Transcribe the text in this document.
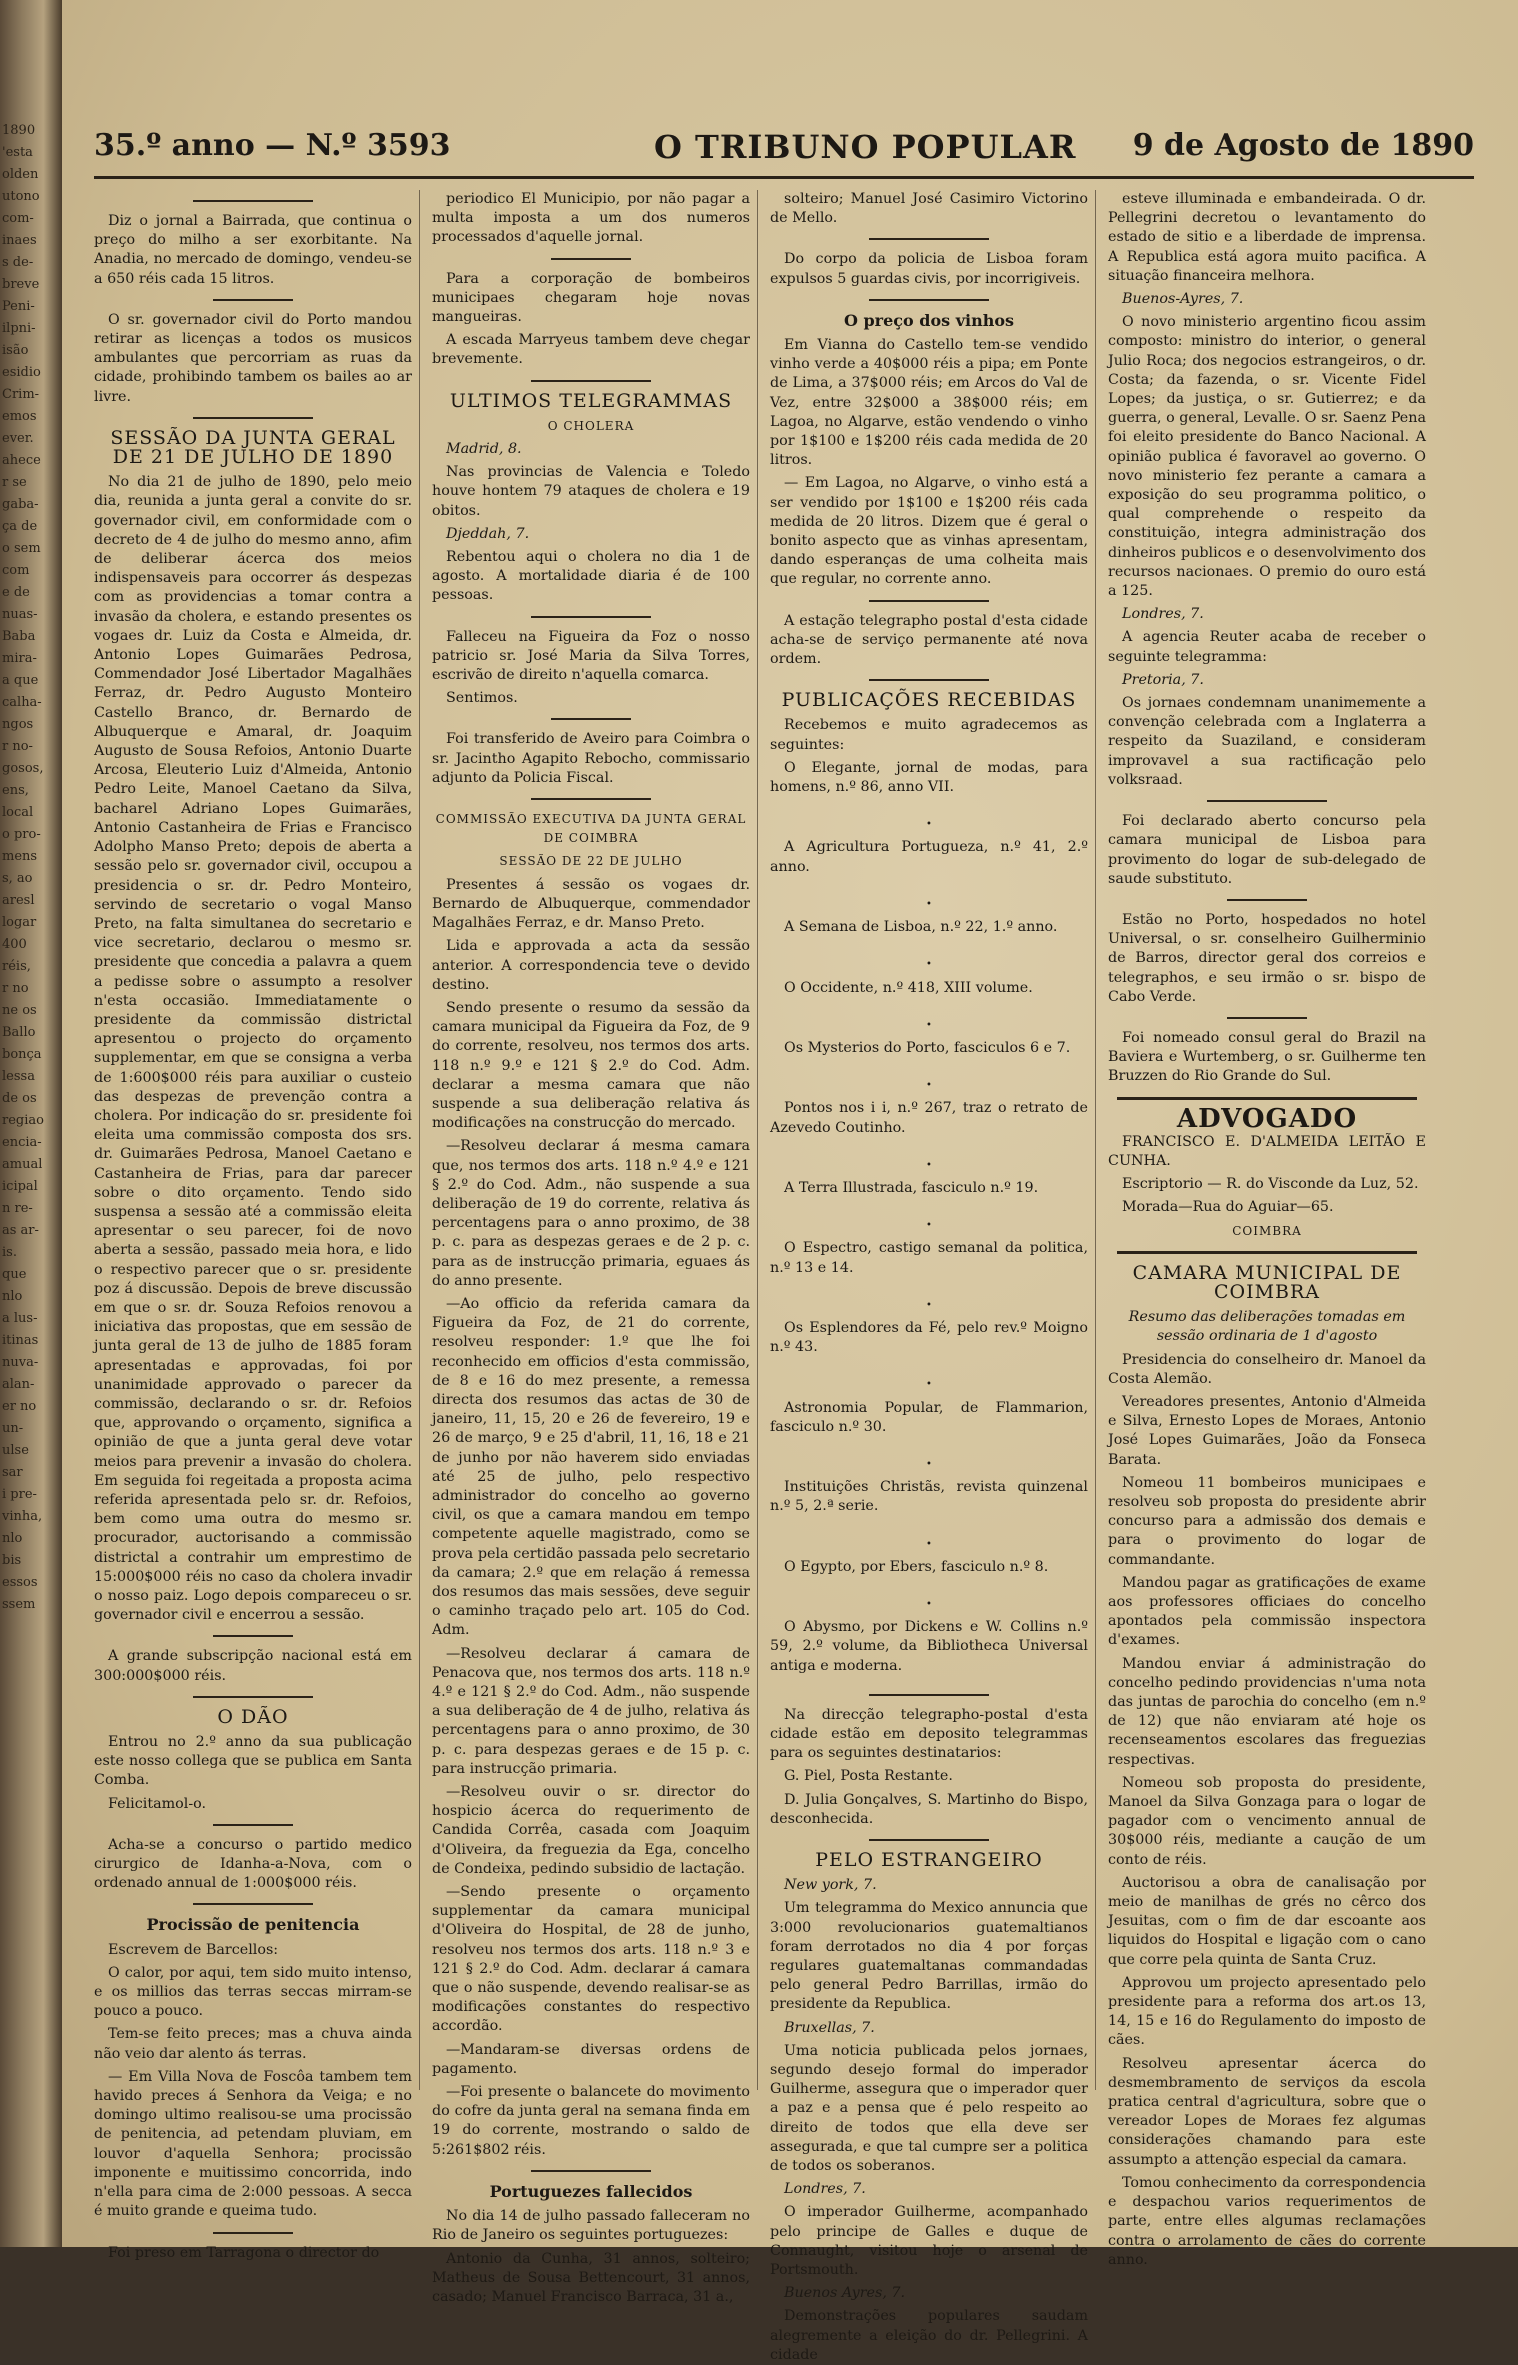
1890
'esta
olden
utono
com-
inaes
s de-
breve
Peni-
ilpni-
isão
esidio
Crim-
emos
ever.
ahece
r se
gaba-
ça de
o sem
com
e de
nuas-
Baba
mira-
a que
calha-
ngos
r no-
gosos,
ens,
local
o pro-
mens
s, ao
aresl
logar
400
réis,
r no
ne os
Ballo
bonça
lessa
de os
regiao
encia-
amual
icipal
n re-
as ar-
is.
que
nlo
a lus-
itinas
nuva-
alan-
er no
un-
ulse
sar
i pre-
vinha,
nlo
bis
essos
ssem
35.º anno — N.º 3593	O TRIBUNO POPULAR 9 de Agosto de 1890

Diz o jornal a Bairrada, que continua o preço do milho a ser exorbitante. Na Anadia, no mercado de domingo, vendeu-se a 650 réis cada 15 litros.

O sr. governador civil do Porto mandou retirar as licenças a todos os musicos ambulantes que percorriam as ruas da cidade, prohibindo tambem os bailes ao ar livre.

SESSÃO DA JUNTA GERAL DE 21 DE JULHO DE 1890

No dia 21 de julho de 1890, pelo meio dia, reunida a junta geral a convite do sr. governador civil, em conformidade com o decreto de 4 de julho do mesmo anno, afim de deliberar ácerca dos meios indispensaveis para occorrer ás despezas com as providencias a tomar contra a invasão da cholera, e estando presentes os vogaes dr. Luiz da Costa e Almeida, dr. Antonio Lopes Guimarães Pedrosa, Commendador José Libertador Magalhães Ferraz, dr. Pedro Augusto Monteiro Castello Branco, dr. Bernardo de Albuquerque e Amaral, dr. Joaquim Augusto de Sousa Refoios, Antonio Duarte Arcosa, Eleuterio Luiz d'Almeida, Antonio Pedro Leite, Manoel Caetano da Silva, bacharel Adriano Lopes Guimarães, Antonio Castanheira de Frias e Francisco Adolpho Manso Preto; depois de aberta a sessão pelo sr. governador civil, occupou a presidencia o sr. dr. Pedro Monteiro, servindo de secretario o vogal Manso Preto, na falta simultanea do secretario e vice secretario, declarou o mesmo sr. presidente que concedia a palavra a quem a pedisse sobre o assumpto a resolver n'esta occasião. Immediatamente o presidente da commissão districtal apresentou o projecto do orçamento supplementar, em que se consigna a verba de 1:600$000 réis para auxiliar o custeio das despezas de prevenção contra a cholera. Por indicação do sr. presidente foi eleita uma commissão composta dos srs. dr. Guimarães Pedrosa, Manoel Caetano e Castanheira de Frias, para dar parecer sobre o dito orçamento. Tendo sido suspensa a sessão até a commissão eleita apresentar o seu parecer, foi de novo aberta a sessão, passado meia hora, e lido o respectivo parecer que o sr. presidente poz á discussão. Depois de breve discussão em que o sr. dr. Souza Refoios renovou a iniciativa das propostas, que em sessão de junta geral de 13 de julho de 1885 foram apresentadas e approvadas, foi por unanimidade approvado o parecer da commissão, declarando o sr. dr. Refoios que, approvando o orçamento, significa a opinião de que a junta geral deve votar meios para prevenir a invasão do cholera. Em seguida foi regeitada a proposta acima referida apresentada pelo sr. dr. Refoios, bem como uma outra do mesmo sr. procurador, auctorisando a commissão districtal a contrahir um emprestimo de 15:000$000 réis no caso da cholera invadir o nosso paiz. Logo depois compareceu o sr. governador civil e encerrou a sessão.

A grande subscripção nacional está em 300:000$000 réis.

O DÃO

Entrou no 2.º anno da sua publicação este nosso collega que se publica em Santa Comba.

Felicitamol-o.

Acha-se a concurso o partido medico cirurgico de Idanha-a-Nova, com o ordenado annual de 1:000$000 réis.

Procissão de penitencia

Escrevem de Barcellos:

O calor, por aqui, tem sido muito intenso, e os millios das terras seccas mirram-se pouco a pouco.

Tem-se feito preces; mas a chuva ainda não veio dar alento ás terras.

— Em Villa Nova de Foscôa tambem tem havido preces á Senhora da Veiga; e no domingo ultimo realisou-se uma procissão de penitencia, ad petendam pluviam, em louvor d'aquella Senhora; procissão imponente e muitissimo concorrida, indo n'ella para cima de 2:000 pessoas. A secca é muito grande e queima tudo.

Foi preso em Tarragona o director do

periodico El Municipio, por não pagar a multa imposta a um dos numeros processados d'aquelle jornal.

Para a corporação de bombeiros municipaes chegaram hoje novas mangueiras.

A escada Marryeus tambem deve chegar brevemente.

ULTIMOS TELEGRAMMAS
O CHOLERA

Madrid, 8.

Nas provincias de Valencia e Toledo houve hontem 79 ataques de cholera e 19 obitos.

Djeddah, 7.

Rebentou aqui o cholera no dia 1 de agosto. A mortalidade diaria é de 100 pessoas.

Falleceu na Figueira da Foz o nosso patricio sr. José Maria da Silva Torres, escrivão de direito n'aquella comarca.

Sentimos.

Foi transferido de Aveiro para Coimbra o sr. Jacintho Agapito Rebocho, commissario adjunto da Policia Fiscal.

COMMISSÃO EXECUTIVA DA JUNTA GERAL DE COIMBRA
SESSÃO DE 22 DE JULHO

Presentes á sessão os vogaes dr. Bernardo de Albuquerque, commendador Magalhães Ferraz, e dr. Manso Preto.

Lida e approvada a acta da sessão anterior. A correspondencia teve o devido destino.

Sendo presente o resumo da sessão da camara municipal da Figueira da Foz, de 9 do corrente, resolveu, nos termos dos arts. 118 n.º 9.º e 121 § 2.º do Cod. Adm. declarar a mesma camara que não suspende a sua deliberação relativa ás modificações na construcção do mercado.

—Resolveu declarar á mesma camara que, nos termos dos arts. 118 n.º 4.º e 121 § 2.º do Cod. Adm., não suspende a sua deliberação de 19 do corrente, relativa ás percentagens para o anno proximo, de 38 p. c. para as despezas geraes e de 2 p. c. para as de instrucção primaria, eguaes ás do anno presente.

—Ao officio da referida camara da Figueira da Foz, de 21 do corrente, resolveu responder: 1.º que lhe foi reconhecido em officios d'esta commissão, de 8 e 16 do mez presente, a remessa directa dos resumos das actas de 30 de janeiro, 11, 15, 20 e 26 de fevereiro, 19 e 26 de março, 9 e 25 d'abril, 11, 16, 18 e 21 de junho por não haverem sido enviadas até 25 de julho, pelo respectivo administrador do concelho ao governo civil, os que a camara mandou em tempo competente aquelle magistrado, como se prova pela certidão passada pelo secretario da camara; 2.º que em relação á remessa dos resumos das mais sessões, deve seguir o caminho traçado pelo art. 105 do Cod. Adm.

—Resolveu declarar á camara de Penacova que, nos termos dos arts. 118 n.º 4.º e 121 § 2.º do Cod. Adm., não suspende a sua deliberação de 4 de julho, relativa ás percentagens para o anno proximo, de 30 p. c. para despezas geraes e de 15 p. c. para instrucção primaria.

—Resolveu ouvir o sr. director do hospicio ácerca do requerimento de Candida Corrêa, casada com Joaquim d'Oliveira, da freguezia da Ega, concelho de Condeixa, pedindo subsidio de lactação.

—Sendo presente o orçamento supplementar da camara municipal d'Oliveira do Hospital, de 28 de junho, resolveu nos termos dos arts. 118 n.º 3 e 121 § 2.º do Cod. Adm. declarar á camara que o não suspende, devendo realisar-se as modificações constantes do respectivo accordão.

—Mandaram-se diversas ordens de pagamento.

—Foi presente o balancete do movimento do cofre da junta geral na semana finda em 19 do corrente, mostrando o saldo de 5:261$802 réis.

Portuguezes fallecidos

No dia 14 de julho passado falleceram no Rio de Janeiro os seguintes portuguezes:

Antonio da Cunha, 31 annos, solteiro; Matheus de Sousa Bettencourt, 31 annos, casado; Manuel Francisco Barraca, 31 a.,

solteiro; Manuel José Casimiro Victorino de Mello.

Do corpo da policia de Lisboa foram expulsos 5 guardas civis, por incorrigiveis.

O preço dos vinhos

Em Vianna do Castello tem-se vendido vinho verde a 40$000 réis a pipa; em Ponte de Lima, a 37$000 réis; em Arcos do Val de Vez, entre 32$000 a 38$000 réis; em Lagoa, no Algarve, estão vendendo o vinho por 1$100 e 1$200 réis cada medida de 20 litros.

— Em Lagoa, no Algarve, o vinho está a ser vendido por 1$100 e 1$200 réis cada medida de 20 litros. Dizem que é geral o bonito aspecto que as vinhas apresentam, dando esperanças de uma colheita mais que regular, no corrente anno.

A estação telegrapho postal d'esta cidade acha-se de serviço permanente até nova ordem.

PUBLICAÇÕES RECEBIDAS

Recebemos e muito agradecemos as seguintes:

O Elegante, jornal de modas, para homens, n.º 86, anno VII.

•

A Agricultura Portugueza, n.º 41, 2.º anno.

•

A Semana de Lisboa, n.º 22, 1.º anno.

•

O Occidente, n.º 418, XIII volume.

•

Os Mysterios do Porto, fasciculos 6 e 7.

•

Pontos nos i i, n.º 267, traz o retrato de Azevedo Coutinho.

•

A Terra Illustrada, fasciculo n.º 19.

•

O Espectro, castigo semanal da politica, n.º 13 e 14.

•

Os Esplendores da Fé, pelo rev.º Moigno n.º 43.

•

Astronomia Popular, de Flammarion, fasciculo n.º 30.

•

Instituições Christãs, revista quinzenal n.º 5, 2.ª serie.

•

O Egypto, por Ebers, fasciculo n.º 8.

•

O Abysmo, por Dickens e W. Collins n.º 59, 2.º volume, da Bibliotheca Universal antiga e moderna.

Na direcção telegrapho-postal d'esta cidade estão em deposito telegrammas para os seguintes destinatarios:

G. Piel, Posta Restante.

D. Julia Gonçalves, S. Martinho do Bispo, desconhecida.

PELO ESTRANGEIRO

New york, 7.

Um telegramma do Mexico annuncia que 3:000 revolucionarios guatemaltianos foram derrotados no dia 4 por forças regulares guatemaltanas commandadas pelo general Pedro Barrillas, irmão do presidente da Republica.

Bruxellas, 7.

Uma noticia publicada pelos jornaes, segundo desejo formal do imperador Guilherme, assegura que o imperador quer a paz e a pensa que é pelo respeito ao direito de todos que ella deve ser assegurada, e que tal cumpre ser a politica de todos os soberanos.

Londres, 7.

O imperador Guilherme, acompanhado pelo principe de Galles e duque de Connaught, visitou hoje o arsenal de Portsmouth.

Buenos Ayres, 7.

Demonstrações populares saudam alegremente a eleição do dr. Pellegrini. A cidade

esteve illuminada e embandeirada. O dr. Pellegrini decretou o levantamento do estado de sitio e a liberdade de imprensa. A Republica está agora muito pacifica. A situação financeira melhora.

Buenos-Ayres, 7.

O novo ministerio argentino ficou assim composto: ministro do interior, o general Julio Roca; dos negocios estrangeiros, o dr. Costa; da fazenda, o sr. Vicente Fidel Lopes; da justiça, o sr. Gutierrez; e da guerra, o general, Levalle. O sr. Saenz Pena foi eleito presidente do Banco Nacional. A opinião publica é favoravel ao governo. O novo ministerio fez perante a camara a exposição do seu programma politico, o qual comprehende o respeito da constituição, integra administração dos dinheiros publicos e o desenvolvimento dos recursos nacionaes. O premio do ouro está a 125.

Londres, 7.

A agencia Reuter acaba de receber o seguinte telegramma:

Pretoria, 7.

Os jornaes condemnam unanimemente a convenção celebrada com a Inglaterra a respeito da Suaziland, e consideram improvavel a sua ractificação pelo volksraad.

Foi declarado aberto concurso pela camara municipal de Lisboa para provimento do logar de sub-delegado de saude substituto.

Estão no Porto, hospedados no hotel Universal, o sr. conselheiro Guilherminio de Barros, director geral dos correios e telegraphos, e seu irmão o sr. bispo de Cabo Verde.

Foi nomeado consul geral do Brazil na Baviera e Wurtemberg, o sr. Guilherme ten Bruzzen do Rio Grande do Sul.

ADVOGADO

FRANCISCO E. D'ALMEIDA LEITÃO E CUNHA.

Escriptorio — R. do Visconde da Luz, 52.

Morada—Rua do Aguiar—65.

COIMBRA
CAMARA MUNICIPAL DE COIMBRA

Resumo das deliberações tomadas em sessão ordinaria de 1 d'agosto

Presidencia do conselheiro dr. Manoel da Costa Alemão.

Vereadores presentes, Antonio d'Almeida e Silva, Ernesto Lopes de Moraes, Antonio José Lopes Guimarães, João da Fonseca Barata.

Nomeou 11 bombeiros municipaes e resolveu sob proposta do presidente abrir concurso para a admissão dos demais e para o provimento do logar de commandante.

Mandou pagar as gratificações de exame aos professores officiaes do concelho apontados pela commissão inspectora d'exames.

Mandou enviar á administração do concelho pedindo providencias n'uma nota das juntas de parochia do concelho (em n.º de 12) que não enviaram até hoje os recenseamentos escolares das freguezias respectivas.

Nomeou sob proposta do presidente, Manoel da Silva Gonzaga para o logar de pagador com o vencimento annual de 30$000 réis, mediante a caução de um conto de réis.

Auctorisou a obra de canalisação por meio de manilhas de grés no cêrco dos Jesuitas, com o fim de dar escoante aos liquidos do Hospital e ligação com o cano que corre pela quinta de Santa Cruz.

Approvou um projecto apresentado pelo presidente para a reforma dos art.os 13, 14, 15 e 16 do Regulamento do imposto de cães.

Resolveu apresentar ácerca do desmembramento de serviços da escola pratica central d'agricultura, sobre que o vereador Lopes de Moraes fez algumas considerações chamando para este assumpto a attenção especial da camara.

Tomou conhecimento da correspondencia e despachou varios requerimentos de parte, entre elles algumas reclamações contra o arrolamento de cães do corrente anno.
